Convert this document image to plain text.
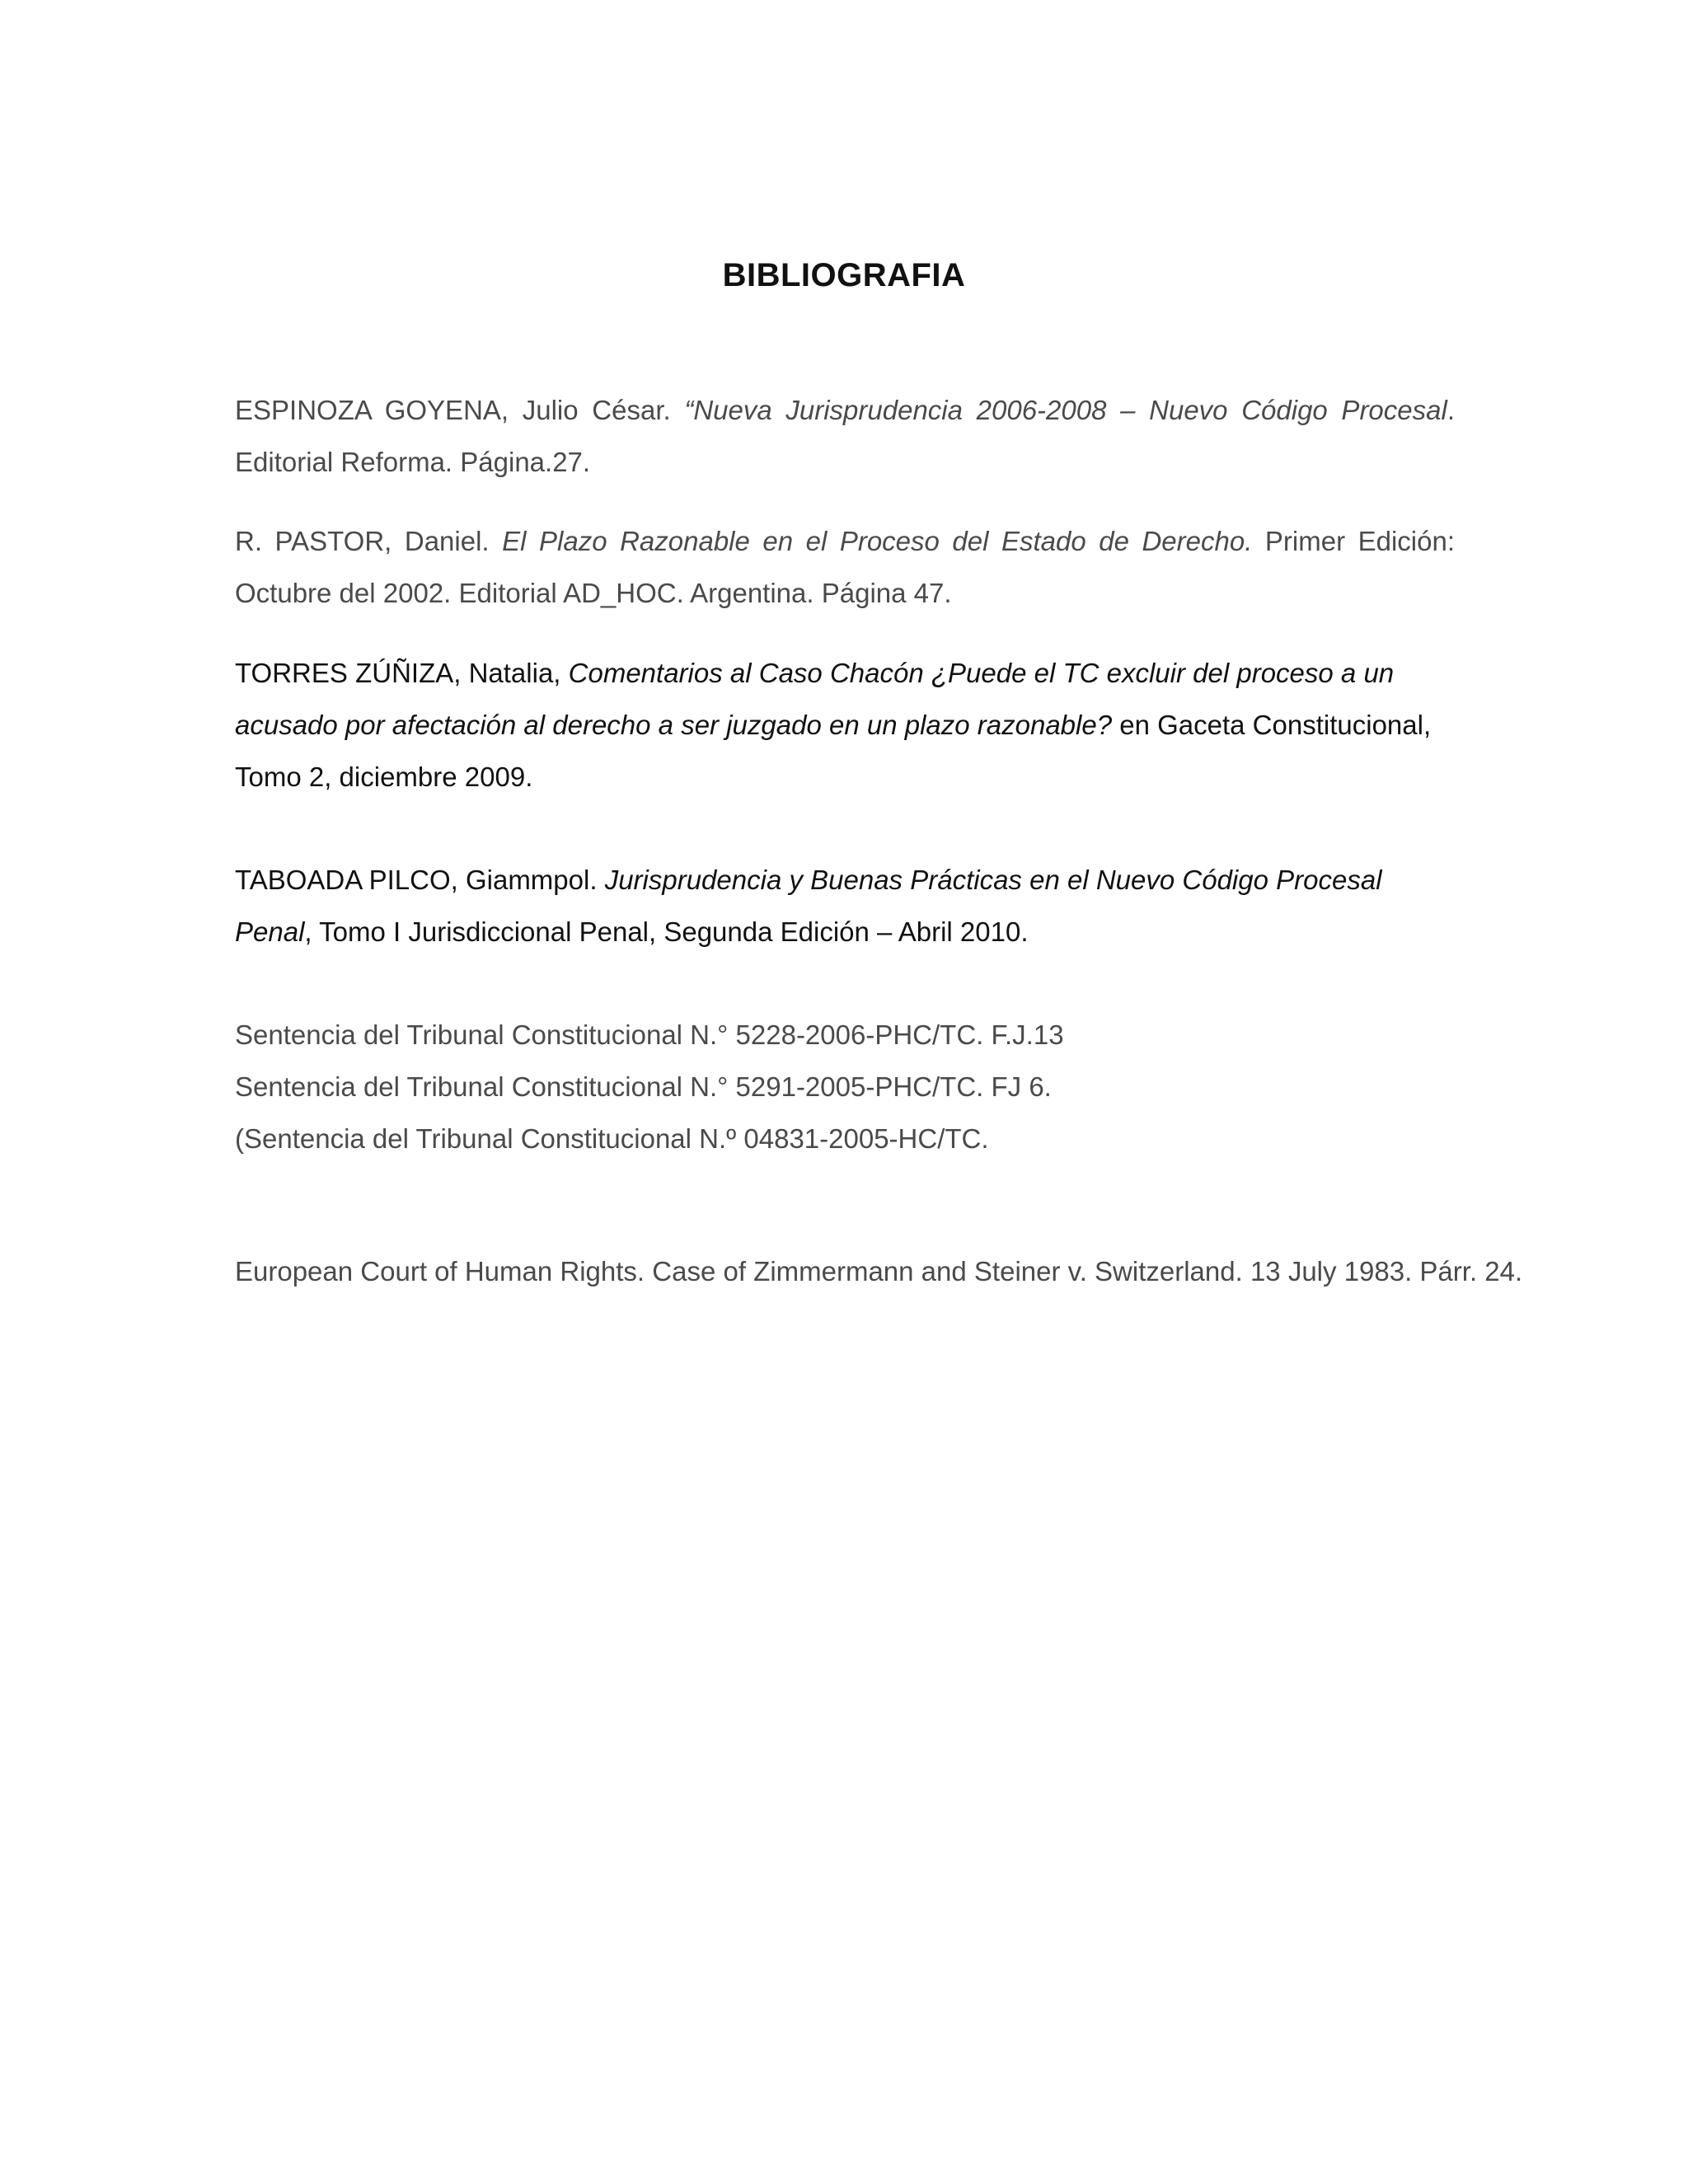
BIBLIOGRAFIA
ESPINOZA GOYENA, Julio César. “Nueva Jurisprudencia 2006-2008 – Nuevo Código Procesal. Editorial Reforma. Página.27.
R. PASTOR, Daniel. El Plazo Razonable en el Proceso del Estado de Derecho. Primer Edición: Octubre del 2002. Editorial AD_HOC. Argentina. Página 47.
TORRES ZÚÑIZA, Natalia, Comentarios al Caso Chacón ¿Puede el TC excluir del proceso a un acusado por afectación al derecho a ser juzgado en un plazo razonable? en Gaceta Constitucional, Tomo 2, diciembre 2009.
TABOADA PILCO, Giammpol. Jurisprudencia y Buenas Prácticas en el Nuevo Código Procesal Penal, Tomo I Jurisdiccional Penal, Segunda Edición – Abril 2010.
Sentencia del Tribunal Constitucional N.° 5228-2006-PHC/TC. F.J.13
Sentencia del Tribunal Constitucional N.° 5291-2005-PHC/TC. FJ 6.
(Sentencia del Tribunal Constitucional N.º 04831-2005-HC/TC.
European Court of Human Rights. Case of Zimmermann and Steiner v. Switzerland. 13 July 1983. Párr. 24.
